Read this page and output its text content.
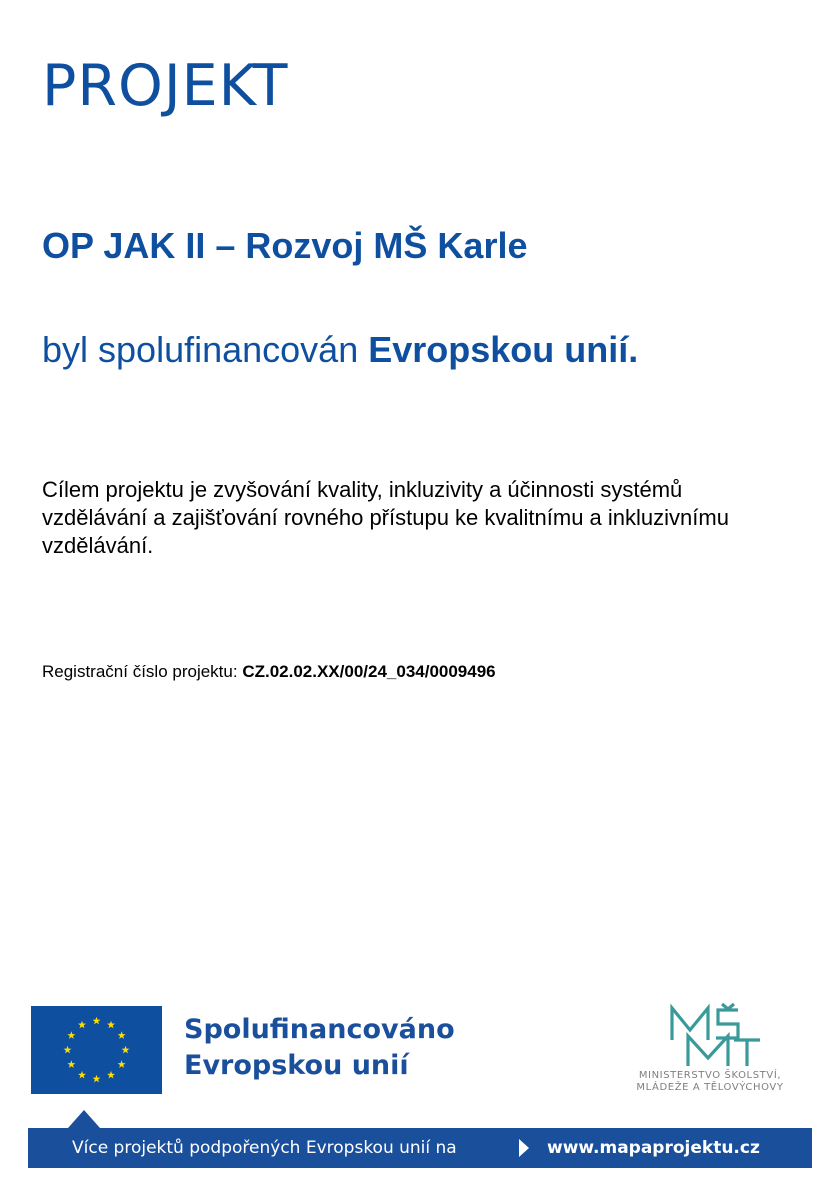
PROJEKT
OP JAK II – Rozvoj MŠ Karle
byl spolufinancován Evropskou unií.
Cílem projektu je zvyšování kvality, inkluzivity a účinnosti systémů vzdělávání a zajišťování rovného přístupu ke kvalitnímu a inkluzivnímu vzdělávání.
Registrační číslo projektu: CZ.02.02.XX/00/24_034/0009496
Spolufinancováno
Evropskou unií	MINISTERSTVO ŠKOLSTVÍ,
MLÁDEŽE A TĚLOVÝCHOVY
Více projektů podpořených Evropskou unií na	www.mapaprojektu.cz
